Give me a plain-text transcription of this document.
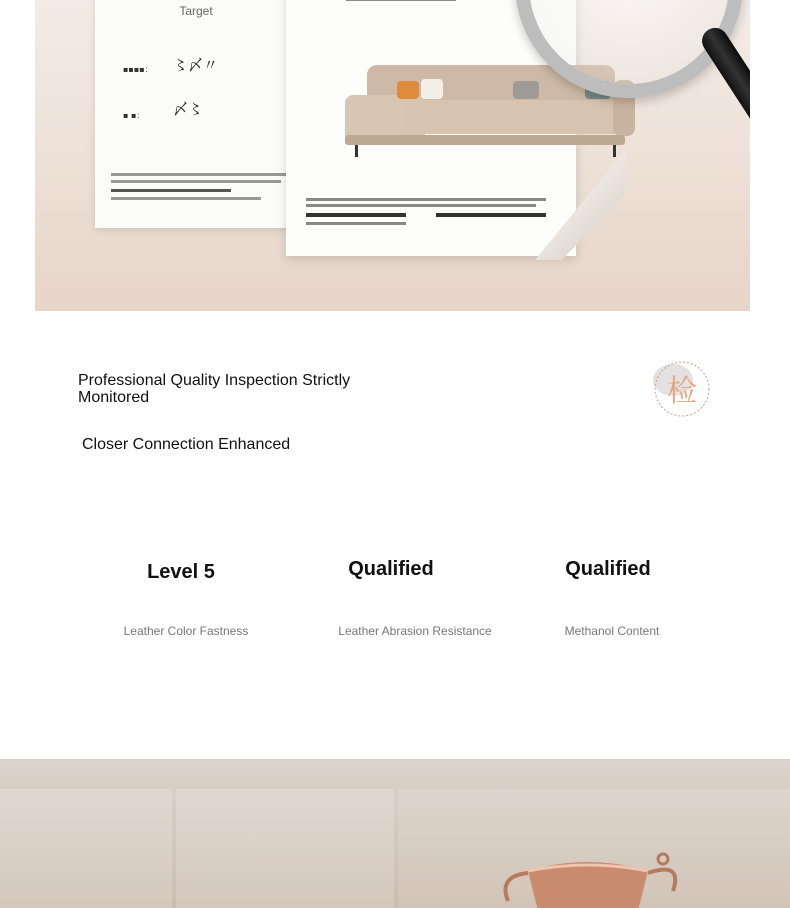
Target
▪▪▪▪： 〻〆〃
▪ ▪： 〆〻
Professional Quality Inspection Strictly Monitored
Closer Connection Enhanced
检
Level 5
Leather Color Fastness
Qualified
Leather Abrasion Resistance
Qualified
Methanol Content
